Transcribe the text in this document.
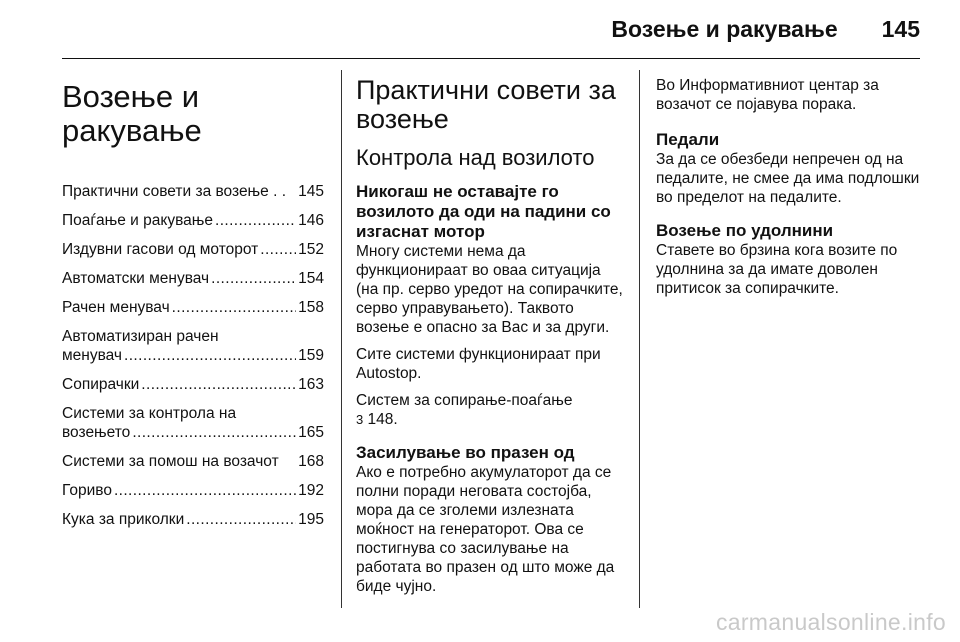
Возење и ракување 145
Возење и ракување
Практични совети за возење . . 145
Поаѓање и ракување .....	146
Издувни гасови од моторот .....	152
Автоматски менувач .....	154
Рачен менувач .....	158
Автоматизиран рачен
менувач .....	159
Сопирачки .....	163
Системи за контрола на
возењето .....	165
Системи за помош на возачот 168
Гориво .....	192
Кука за приколки .....	195
Практични совети за возење
Контрола над возилото
Никогаш не оставајте го возилото да оди на падини со изгаснат мотор
Многу системи нема да функционираат во оваа ситуација (на пр. серво уредот на сопирачките, серво управувањето). Таквото возење е опасно за Вас и за други.
Сите системи функционираат при Autostop.
Систем за сопирање-поаѓање
3 148.
Засилување во празен од
Ако е потребно акумулаторот да се полни поради неговата состојба, мора да се зголеми излезната моќност на генераторот. Ова се постигнува со засилување на работата во празен од што може да биде чујно.
Во Информативниот центар за возачот се појавува порака.
Педали
За да се обезбеди непречен од на педалите, не смее да има подлошки во пределот на педалите.
Возење по удолнини
Ставете во брзина кога возите по удолнина за да имате доволен притисок за сопирачките.
carmanualsonline.info
